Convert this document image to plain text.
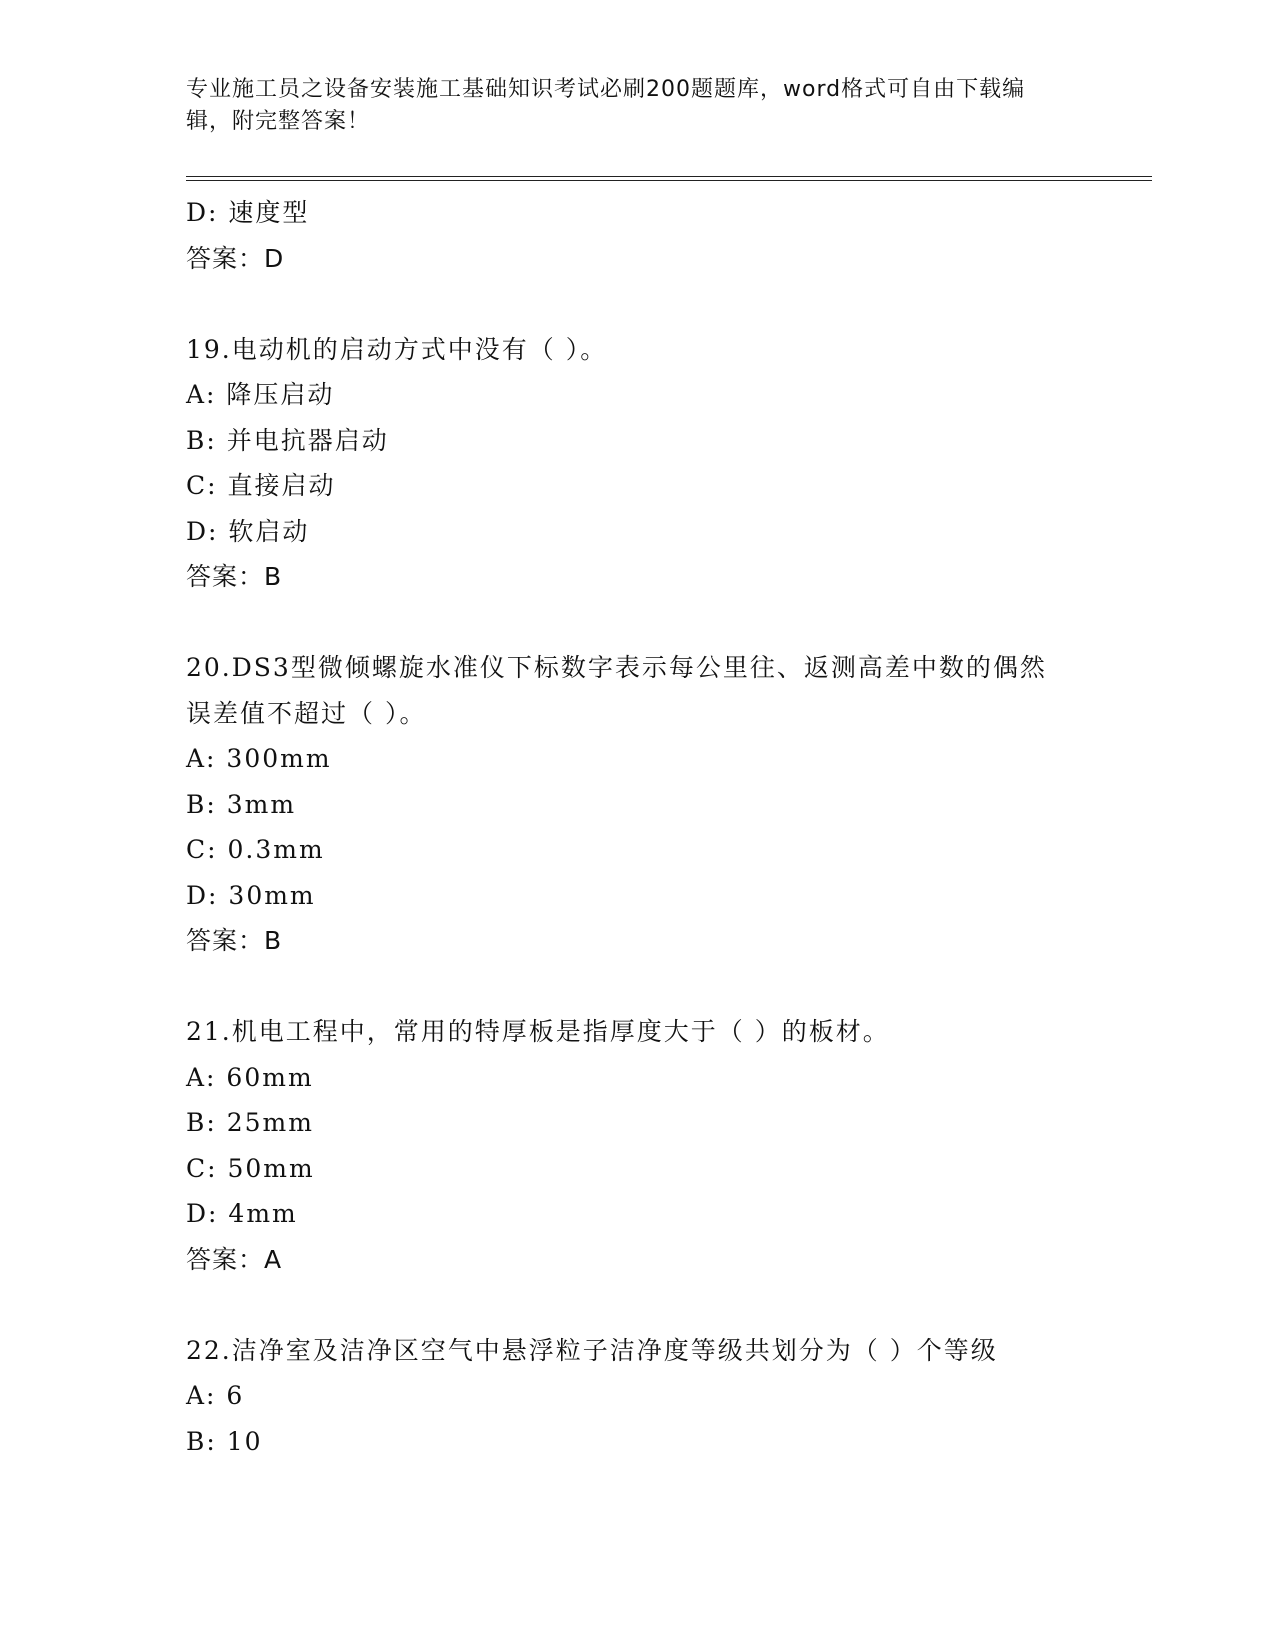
专业施工员之设备安装施工基础知识考试必刷200题题库，word格式可自由下载编辑，附完整答案！
D: 速度型
答案：D
19.电动机的启动方式中没有（ ）。
A: 降压启动
B: 并电抗器启动
C: 直接启动
D: 软启动
答案：B
20.DS3型微倾螺旋水准仪下标数字表示每公里往、返测高差中数的偶然误差值不超过（ ）。
A: 300mm
B: 3mm
C: 0.3mm
D: 30mm
答案：B
21.机电工程中，常用的特厚板是指厚度大于（ ）的板材。
A: 60mm
B: 25mm
C: 50mm
D: 4mm
答案：A
22.洁净室及洁净区空气中悬浮粒子洁净度等级共划分为（ ）个等级
A: 6
B: 10
